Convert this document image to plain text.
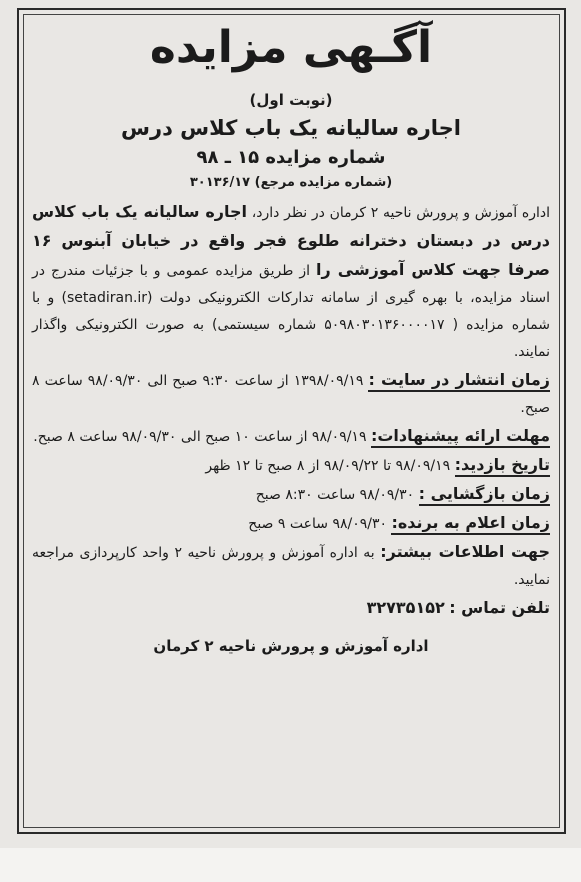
آگـهی مزایده
(نوبت اول)
اجاره سالیانه یک باب کلاس درس
شماره مزایده ۱۵ ـ ۹۸
(شماره مزایده مرجع) ۳۰۱۳۶/۱۷
اداره آموزش و پرورش ناحیه ۲ کرمان در نظر دارد، اجاره سالیانه یک باب کلاس درس در دبستان دخترانه طلوع فجر واقع در خیابان آبنوس ۱۶ صرفا جهت کلاس آموزشی را از طریق مزایده عمومی و با جزئیات مندرج در اسناد مزایده، با بهره گیری از سامانه تدارکات الکترونیکی دولت (setadiran.ir) و با شماره مزایده ( ۵۰۹۸۰۳۰۱۳۶۰۰۰۰۱۷ شماره سیستمی) به صورت الکترونیکی واگذار نمایند.
زمان انتشار در سایت : ۱۳۹۸/۰۹/۱۹ از ساعت ۹:۳۰ صبح الی ۹۸/۰۹/۳۰ ساعت ۸ صبح.
مهلت ارائه پیشنهادات: ۹۸/۰۹/۱۹ از ساعت ۱۰ صبح الی ۹۸/۰۹/۳۰ ساعت ۸ صبح.
تاریخ بازدید: ۹۸/۰۹/۱۹ تا ۹۸/۰۹/۲۲ از ۸ صبح تا ۱۲ ظهر
زمان بازگشایی : ۹۸/۰۹/۳۰ ساعت ۸:۳۰ صبح
زمان اعلام به برنده: ۹۸/۰۹/۳۰ ساعت ۹ صبح
جهت اطلاعات بیشتر: به اداره آموزش و پرورش ناحیه ۲ واحد کارپردازی مراجعه نمایید.
تلفن تماس : ۳۲۷۳۵۱۵۲
اداره آموزش و پرورش ناحیه ۲ کرمان
